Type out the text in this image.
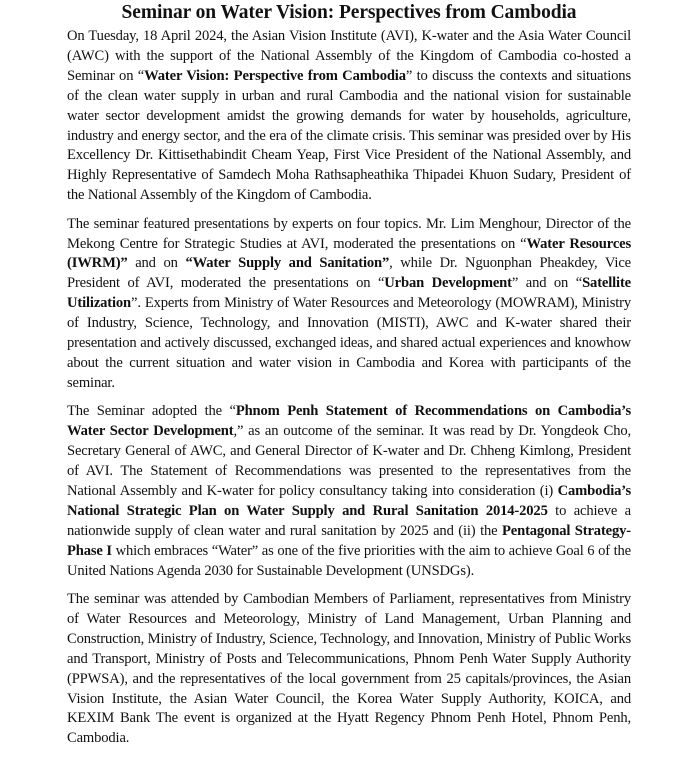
Seminar on Water Vision: Perspectives from Cambodia

On Tuesday, 18 April 2024, the Asian Vision Institute (AVI), K-water and the Asia Water Council (AWC) with the support of the National Assembly of the Kingdom of Cambodia co-hosted a Seminar on “Water Vision: Perspective from Cambodia” to discuss the contexts and situations of the clean water supply in urban and rural Cambodia and the national vision for sustainable water sector development amidst the growing demands for water by households, agriculture, industry and energy sector, and the era of the climate crisis. This seminar was presided over by His Excellency Dr. Kittisethabindit Cheam Yeap, First Vice President of the National Assembly, and Highly Representative of Samdech Moha Rathsapheathika Thipadei Khuon Sudary, President of the National Assembly of the Kingdom of Cambodia.

The seminar featured presentations by experts on four topics. Mr. Lim Menghour, Director of the Mekong Centre for Strategic Studies at AVI, moderated the presentations on “Water Resources (IWRM)” and on “Water Supply and Sanitation”, while Dr. Nguonphan Pheakdey, Vice President of AVI, moderated the presentations on “Urban Development” and on “Satellite Utilization”. Experts from Ministry of Water Resources and Meteorology (MOWRAM), Ministry of Industry, Science, Technology, and Innovation (MISTI), AWC and K-water shared their presentation and actively discussed, exchanged ideas, and shared actual experiences and knowhow about the current situation and water vision in Cambodia and Korea with participants of the seminar.

The Seminar adopted the “Phnom Penh Statement of Recommendations on Cambodia’s Water Sector Development,” as an outcome of the seminar. It was read by Dr. Yongdeok Cho, Secretary General of AWC, and General Director of K-water and Dr. Chheng Kimlong, President of AVI. The Statement of Recommendations was presented to the representatives from the National Assembly and K-water for policy consultancy taking into consideration (i) Cambodia’s National Strategic Plan on Water Supply and Rural Sanitation 2014-2025 to achieve a nationwide supply of clean water and rural sanitation by 2025 and (ii) the Pentagonal Strategy-Phase I which embraces “Water” as one of the five priorities with the aim to achieve Goal 6 of the United Nations Agenda 2030 for Sustainable Development (UNSDGs).

The seminar was attended by Cambodian Members of Parliament, representatives from Ministry of Water Resources and Meteorology, Ministry of Land Management, Urban Planning and Construction, Ministry of Industry, Science, Technology, and Innovation, Ministry of Public Works and Transport, Ministry of Posts and Telecommunications, Phnom Penh Water Supply Authority (PPWSA), and the representatives of the local government from 25 capitals/provinces, the Asian Vision Institute, the Asian Water Council, the Korea Water Supply Authority, KOICA, and KEXIM Bank The event is organized at the Hyatt Regency Phnom Penh Hotel, Phnom Penh, Cambodia.
